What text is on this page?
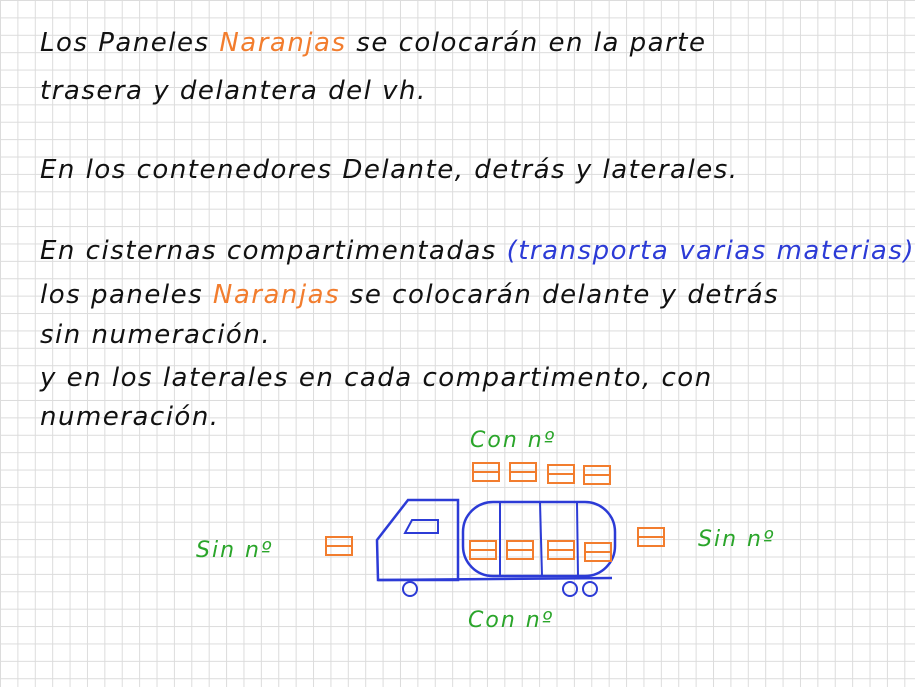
Los Paneles Naranjas se colocarán en la parte
trasera y delantera del vh.
En los contenedores Delante, detrás y laterales.
En cisternas compartimentadas (transporta varias materias)
los paneles Naranjas se colocarán delante y detrás
sin numeración.
y en los laterales en cada compartimento, con
numeración.
Con nº
Con nº
Sin nº	Sin nº
